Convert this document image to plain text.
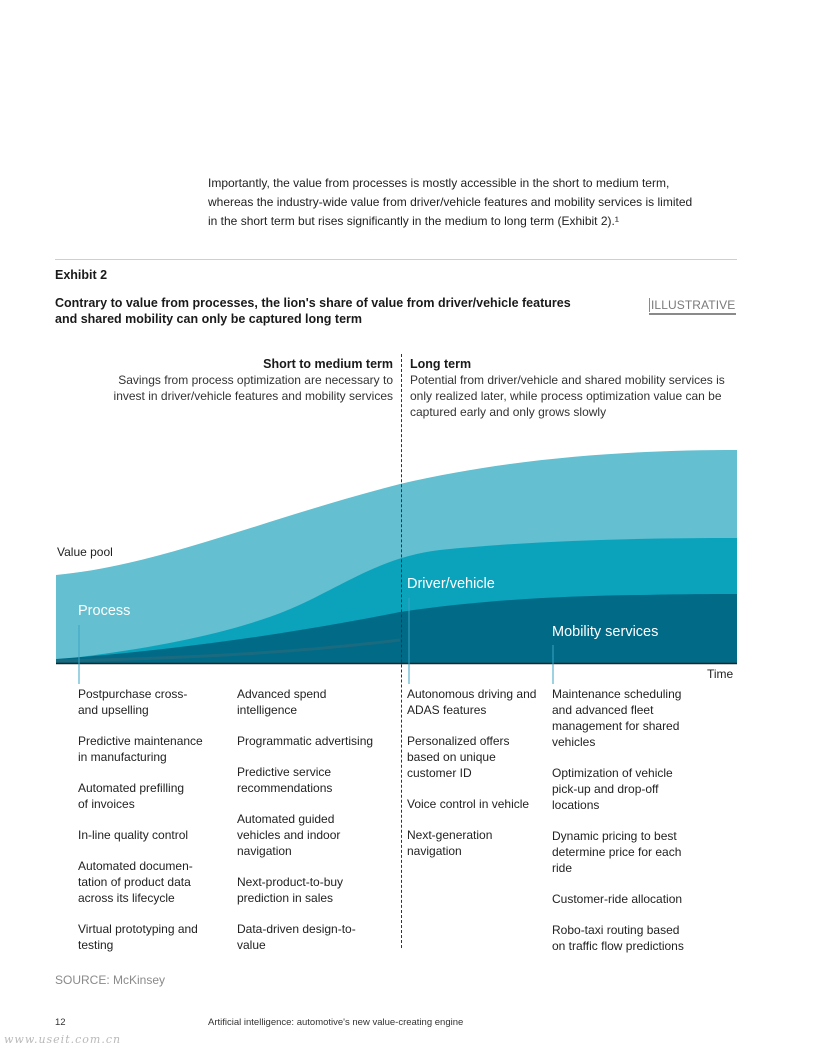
Importantly, the value from processes is mostly accessible in the short to medium term,
whereas the industry-wide value from driver/vehicle features and mobility services is limited
in the short term but rises significantly in the medium to long term (Exhibit 2).¹
Exhibit 2
Contrary to value from processes, the lion's share of value from driver/vehicle features
and shared mobility can only be captured long term
ILLUSTRATIVE
Short to medium term
Savings from process optimization are necessary to
invest in driver/vehicle features and mobility services
Long term
Potential from driver/vehicle and shared mobility services is
only realized later, while process optimization value can be
captured early and only grows slowly
Value pool
Time
Process
Driver/vehicle
Mobility services
Postpurchase cross-
and upselling
Predictive maintenance
in manufacturing
Automated prefilling
of invoices
In-line quality control
Automated documen-
tation of product data
across its lifecycle
Virtual prototyping and
testing
Advanced spend
intelligence
Programmatic advertising
Predictive service
recommendations
Automated guided
vehicles and indoor
navigation
Next-product-to-buy
prediction in sales
Data-driven design-to-
value
Autonomous driving and
ADAS features
Personalized offers
based on unique
customer ID
Voice control in vehicle
Next-generation
navigation
Maintenance scheduling
and advanced fleet
management for shared
vehicles
Optimization of vehicle
pick-up and drop-off
locations
Dynamic pricing to best
determine price for each
ride
Customer-ride allocation
Robo-taxi routing based
on traffic flow predictions
SOURCE: McKinsey
12	Artificial intelligence: automotive's new value-creating engine
www.useit.com.cn
